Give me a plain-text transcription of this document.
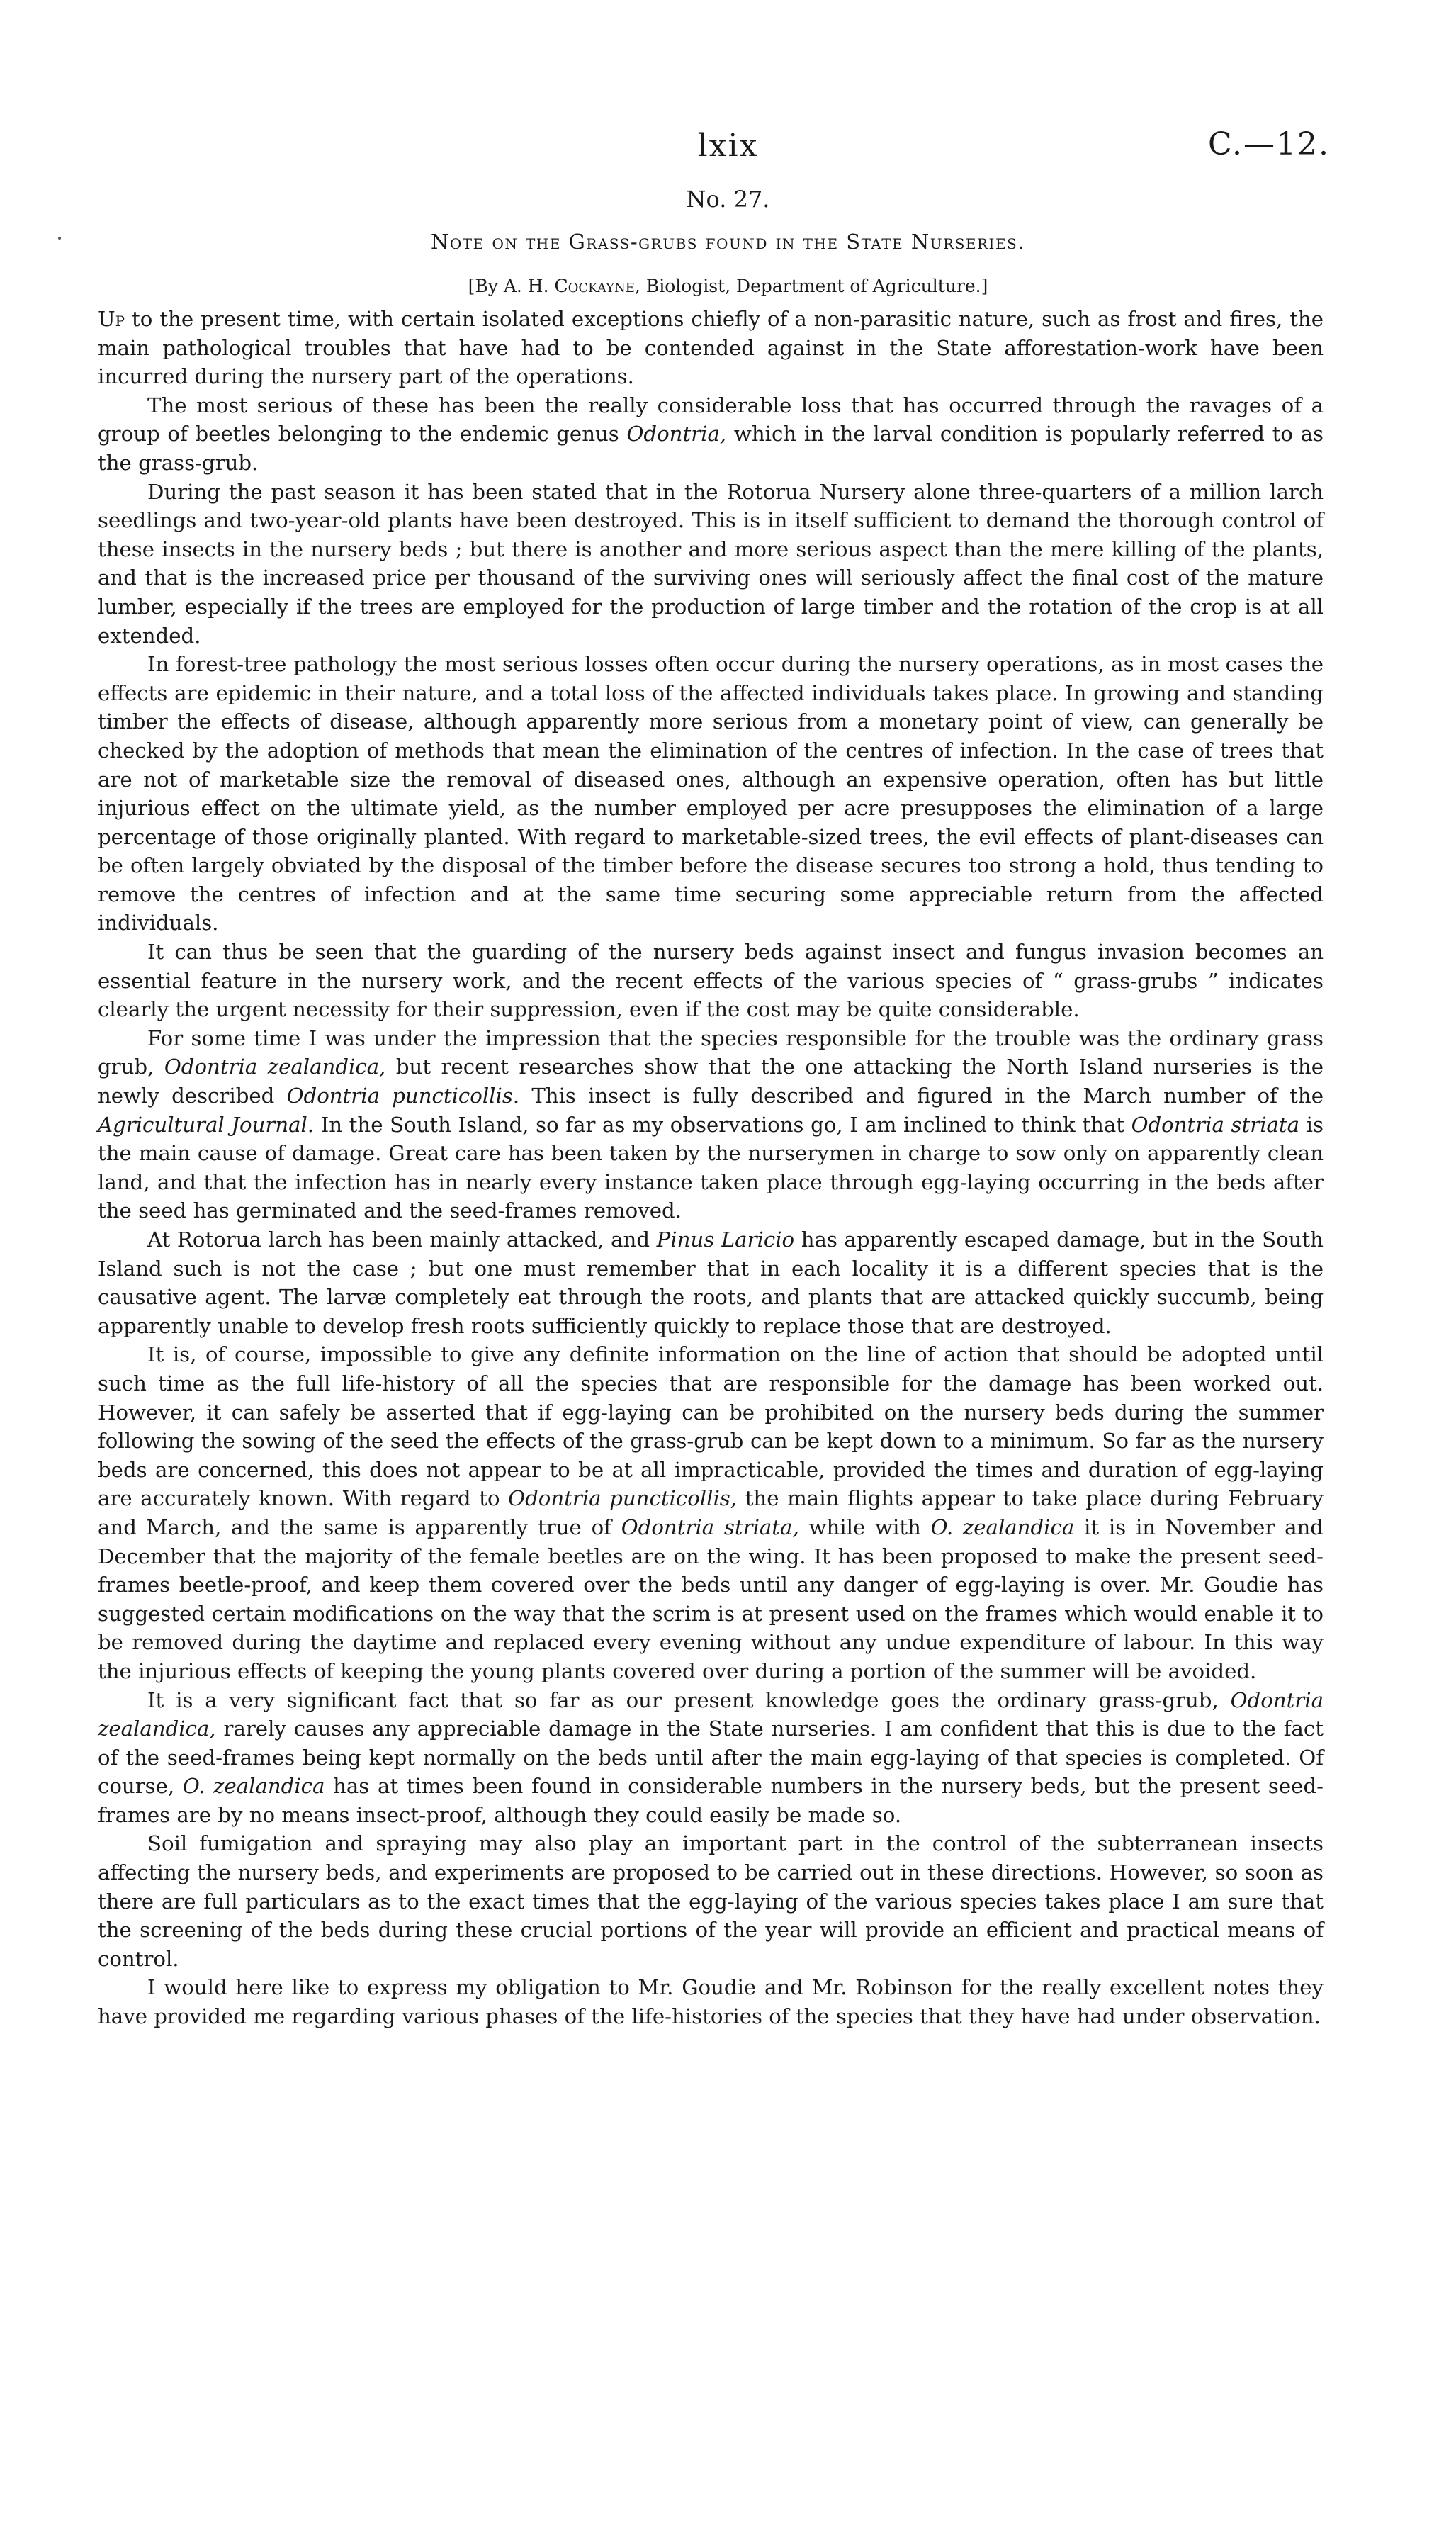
lxix	C.—12.
No. 27.
Note on the Grass-grubs found in the State Nurseries.
[By A. H. Cockayne, Biologist, Department of Agriculture.]

Up to the present time, with certain isolated exceptions chiefly of a non-parasitic nature, such as frost and fires, the main pathological troubles that have had to be contended against in the State afforestation-work have been incurred during the nursery part of the operations.

The most serious of these has been the really considerable loss that has occurred through the ravages of a group of beetles belonging to the endemic genus Odontria, which in the larval condition is popularly referred to as the grass-grub.

During the past season it has been stated that in the Rotorua Nursery alone three-quarters of a million larch seedlings and two-year-old plants have been destroyed. This is in itself sufficient to demand the thorough control of these insects in the nursery beds ; but there is another and more serious aspect than the mere killing of the plants, and that is the increased price per thousand of the surviving ones will seriously affect the final cost of the mature lumber, especially if the trees are employed for the production of large timber and the rotation of the crop is at all extended.

In forest-tree pathology the most serious losses often occur during the nursery operations, as in most cases the effects are epidemic in their nature, and a total loss of the affected individuals takes place. In growing and standing timber the effects of disease, although apparently more serious from a monetary point of view, can generally be checked by the adoption of methods that mean the elimination of the centres of infection. In the case of trees that are not of marketable size the removal of diseased ones, although an expensive operation, often has but little injurious effect on the ultimate yield, as the number employed per acre presupposes the elimination of a large percentage of those originally planted. With regard to marketable-sized trees, the evil effects of plant-diseases can be often largely obviated by the disposal of the timber before the disease secures too strong a hold, thus tending to remove the centres of infection and at the same time securing some appreciable return from the affected individuals.

It can thus be seen that the guarding of the nursery beds against insect and fungus invasion becomes an essential feature in the nursery work, and the recent effects of the various species of “ grass-grubs ” indicates clearly the urgent necessity for their suppression, even if the cost may be quite considerable.

For some time I was under the impression that the species responsible for the trouble was the ordinary grass grub, Odontria zealandica, but recent researches show that the one attacking the North Island nurseries is the newly described Odontria puncticollis. This insect is fully described and figured in the March number of the Agricultural Journal. In the South Island, so far as my observations go, I am inclined to think that Odontria striata is the main cause of damage. Great care has been taken by the nurserymen in charge to sow only on apparently clean land, and that the infection has in nearly every instance taken place through egg-laying occurring in the beds after the seed has germinated and the seed-frames removed.

At Rotorua larch has been mainly attacked, and Pinus Laricio has apparently escaped damage, but in the South Island such is not the case ; but one must remember that in each locality it is a different species that is the causative agent. The larvæ completely eat through the roots, and plants that are attacked quickly succumb, being apparently unable to develop fresh roots sufficiently quickly to replace those that are destroyed.

It is, of course, impossible to give any definite information on the line of action that should be adopted until such time as the full life-history of all the species that are responsible for the damage has been worked out. However, it can safely be asserted that if egg-laying can be prohibited on the nursery beds during the summer following the sowing of the seed the effects of the grass-grub can be kept down to a minimum. So far as the nursery beds are concerned, this does not appear to be at all impracticable, provided the times and duration of egg-laying are accurately known. With regard to Odontria puncticollis, the main flights appear to take place during February and March, and the same is apparently true of Odontria striata, while with O. zealandica it is in November and December that the majority of the female beetles are on the wing. It has been proposed to make the present seed-frames beetle-proof, and keep them covered over the beds until any danger of egg-laying is over. Mr. Goudie has suggested certain modifications on the way that the scrim is at present used on the frames which would enable it to be removed during the daytime and replaced every evening without any undue expenditure of labour. In this way the injurious effects of keeping the young plants covered over during a portion of the summer will be avoided.

It is a very significant fact that so far as our present knowledge goes the ordinary grass-grub, Odontria zealandica, rarely causes any appreciable damage in the State nurseries. I am confident that this is due to the fact of the seed-frames being kept normally on the beds until after the main egg-laying of that species is completed. Of course, O. zealandica has at times been found in considerable numbers in the nursery beds, but the present seed-frames are by no means insect-proof, although they could easily be made so.

Soil fumigation and spraying may also play an important part in the control of the subterranean insects affecting the nursery beds, and experiments are proposed to be carried out in these directions. However, so soon as there are full particulars as to the exact times that the egg-laying of the various species takes place I am sure that the screening of the beds during these crucial portions of the year will provide an efficient and practical means of control.

I would here like to express my obligation to Mr. Goudie and Mr. Robinson for the really excellent notes they have provided me regarding various phases of the life-histories of the species that they have had under observation.
